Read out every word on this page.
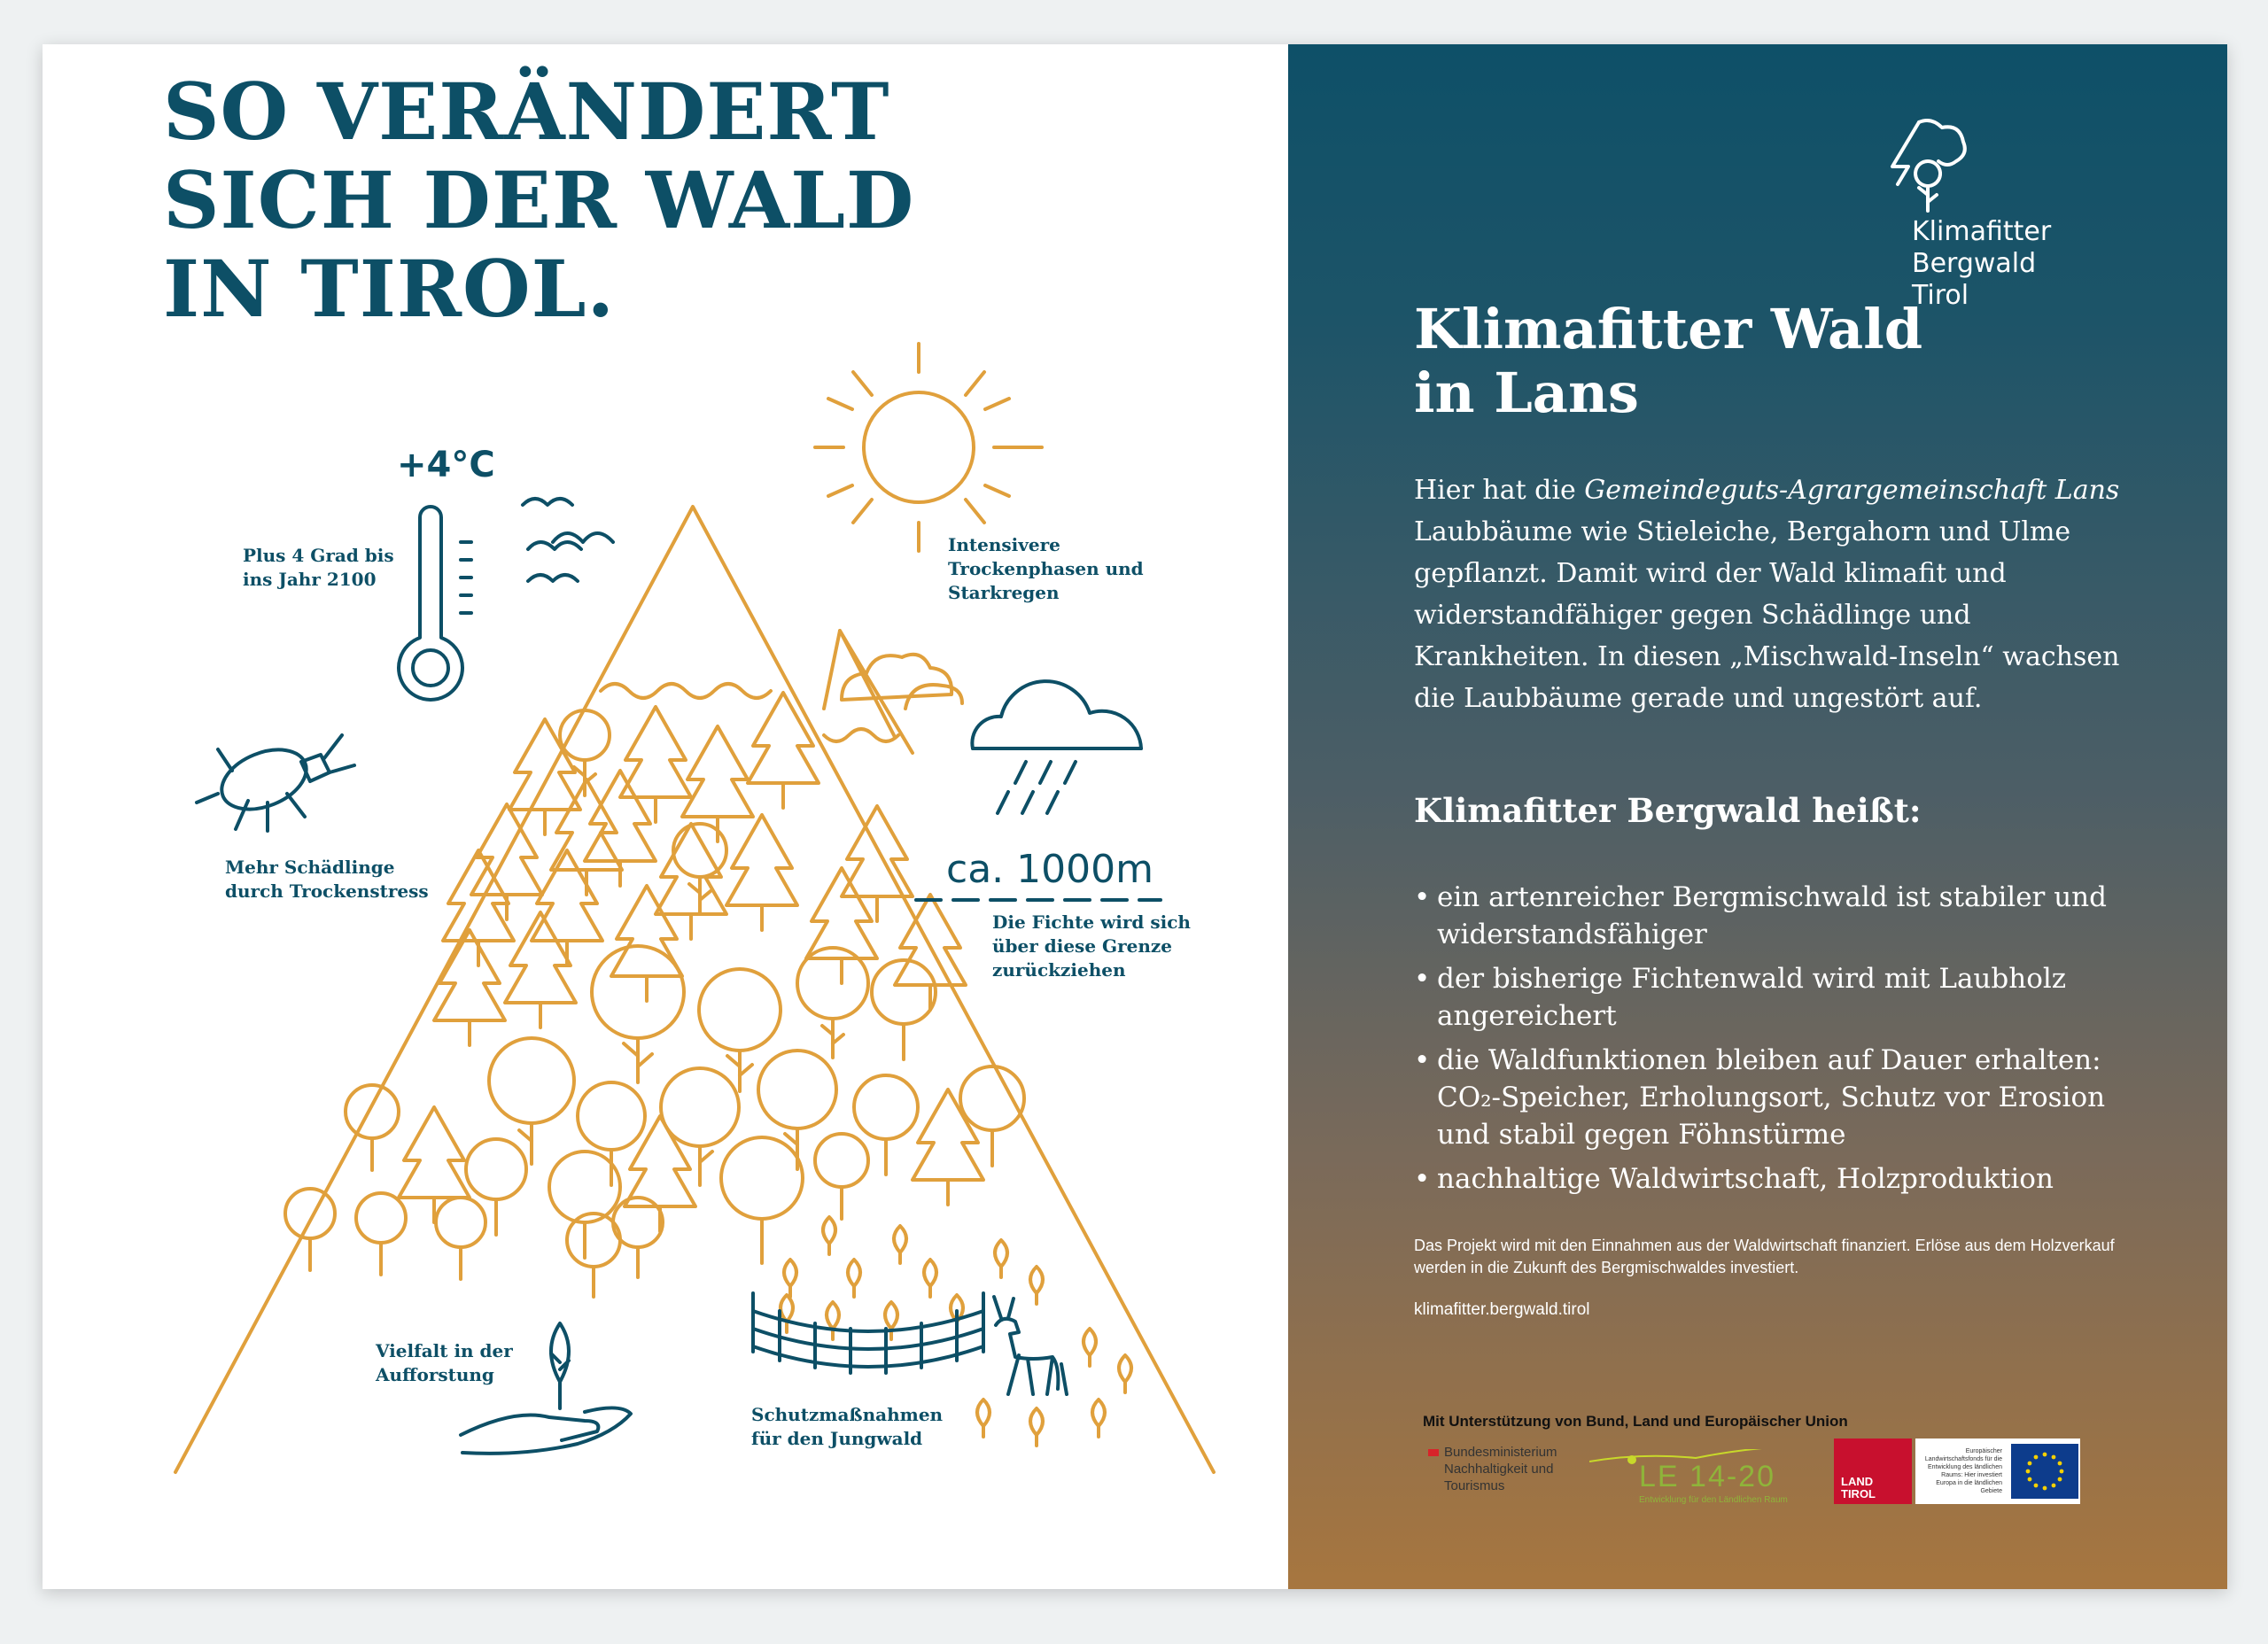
SO VERÄNDERT
SICH DER WALD
IN TIROL.
+4°C
Plus 4 Grad bis
ins Jahr 2100
Intensivere
Trockenphasen und
Starkregen
Mehr Schädlinge
durch Trockenstress	ca. 1000m
Die Fichte wird sich
über diese Grenze
zurückziehen
Vielfalt in der
Aufforstung
Schutzmaßnahmen
für den Jungwald
Klimafitter
Bergwald
Tirol
Klimafitter Wald
in Lans

Hier hat die Gemeindeguts-Agrargemeinschaft Lans Laubbäume wie Stieleiche, Bergahorn und Ulme gepflanzt. Damit wird der Wald klimafit und widerstandfähiger gegen Schädlinge und Krankheiten. In diesen „Mischwald-Inseln“ wachsen die Laubbäume gerade und ungestört auf.

Klimafitter Bergwald heißt:
• ein artenreicher Bergmischwald ist stabiler und widerstandsfähiger
• der bisherige Fichtenwald wird mit Laubholz angereichert
• die Waldfunktionen bleiben auf Dauer erhalten: CO₂-Speicher, Erholungsort, Schutz vor Erosion und stabil gegen Föhnstürme
• nachhaltige Waldwirtschaft, Holzproduktion
Das Projekt wird mit den Einnahmen aus der Waldwirtschaft finanziert. Erlöse aus dem Holzverkauf werden in die Zukunft des Bergmischwaldes investiert.
klimafitter.bergwald.tirol
Mit Unterstützung von Bund, Land und Europäischer Union
Bundesministerium
Nachhaltigkeit und
Tourismus	LE 14-20
Entwicklung für den Ländlichen Raum
LAND
TIROL
Europäischer Landwirtschaftsfonds für die Entwicklung des ländlichen Raums: Hier investiert Europa in die ländlichen Gebiete
